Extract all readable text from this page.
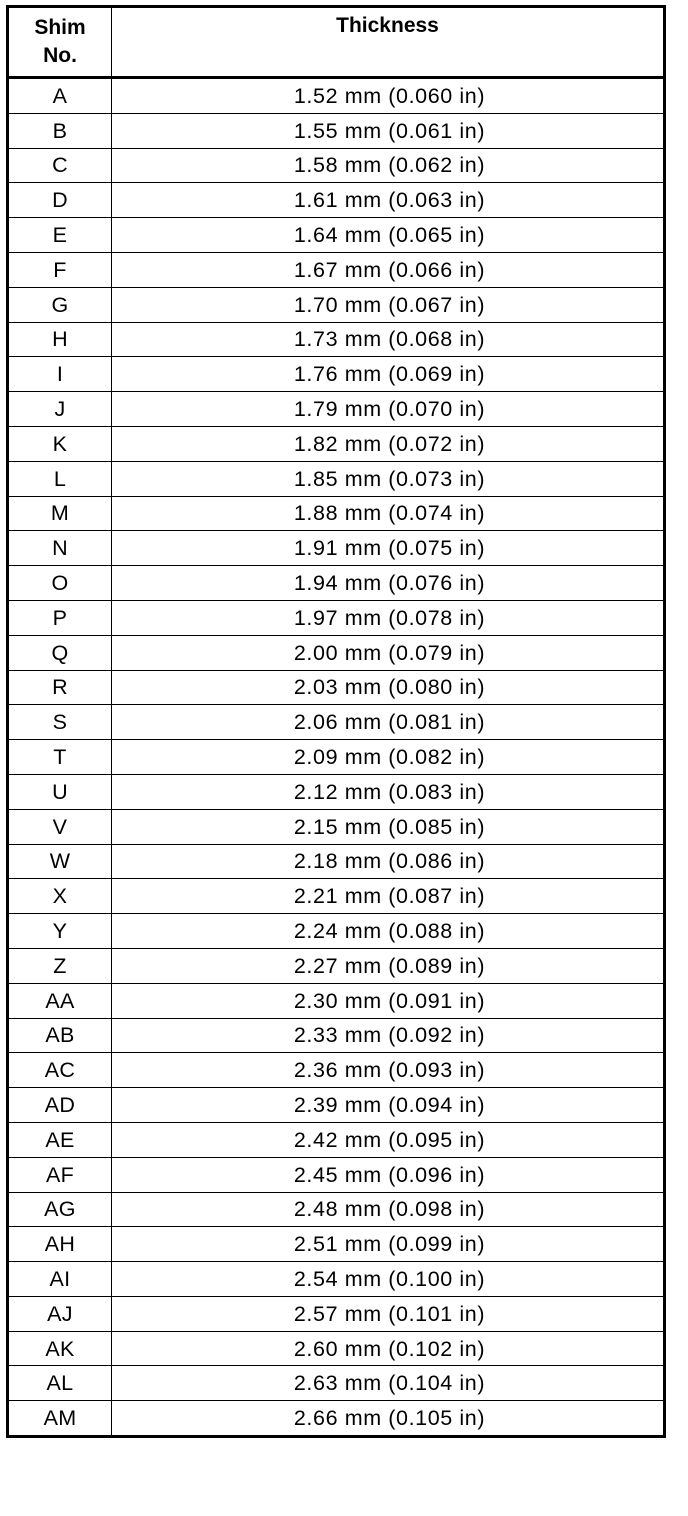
Shim
No.	Thickness
A	1.52 mm (0.060 in)
B	1.55 mm (0.061 in)
C	1.58 mm (0.062 in)
D	1.61 mm (0.063 in)
E	1.64 mm (0.065 in)
F	1.67 mm (0.066 in)
G	1.70 mm (0.067 in)
H	1.73 mm (0.068 in)
I	1.76 mm (0.069 in)
J	1.79 mm (0.070 in)
K	1.82 mm (0.072 in)
L	1.85 mm (0.073 in)
M	1.88 mm (0.074 in)
N	1.91 mm (0.075 in)
O	1.94 mm (0.076 in)
P	1.97 mm (0.078 in)
Q	2.00 mm (0.079 in)
R	2.03 mm (0.080 in)
S	2.06 mm (0.081 in)
T	2.09 mm (0.082 in)
U	2.12 mm (0.083 in)
V	2.15 mm (0.085 in)
W	2.18 mm (0.086 in)
X	2.21 mm (0.087 in)
Y	2.24 mm (0.088 in)
Z	2.27 mm (0.089 in)
AA	2.30 mm (0.091 in)
AB	2.33 mm (0.092 in)
AC	2.36 mm (0.093 in)
AD	2.39 mm (0.094 in)
AE	2.42 mm (0.095 in)
AF	2.45 mm (0.096 in)
AG	2.48 mm (0.098 in)
AH	2.51 mm (0.099 in)
AI	2.54 mm (0.100 in)
AJ	2.57 mm (0.101 in)
AK	2.60 mm (0.102 in)
AL	2.63 mm (0.104 in)
AM	2.66 mm (0.105 in)
